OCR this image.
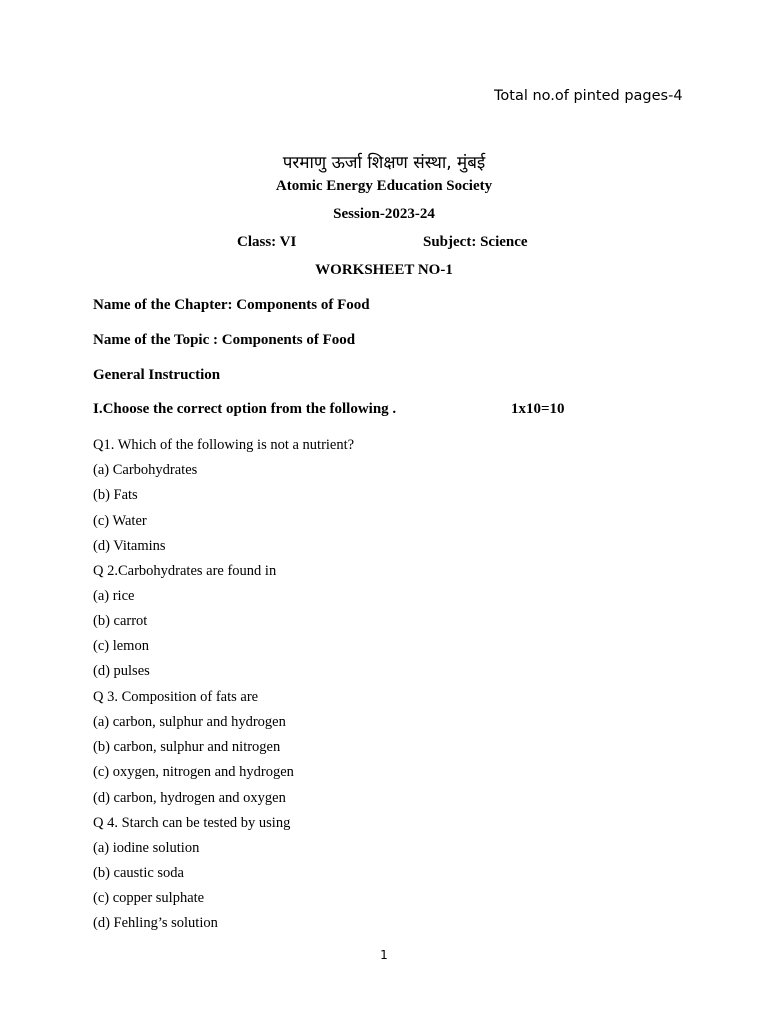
Total no.of pinted pages-4
परमाणु ऊर्जा शिक्षण संस्था, मुंबई
Atomic Energy Education Society
Session-2023-24
Class: VI	Subject: Science
WORKSHEET NO-1
Name of the Chapter: Components of Food
Name of the Topic : Components of Food
General Instruction
I.Choose the correct option from the following .	1x10=10
Q1. Which of the following is not a nutrient?
(a) Carbohydrates
(b) Fats
(c) Water
(d) Vitamins
Q 2.Carbohydrates are found in
(a) rice
(b) carrot
(c) lemon
(d) pulses
Q 3. Composition of fats are
(a) carbon, sulphur and hydrogen
(b) carbon, sulphur and nitrogen
(c) oxygen, nitrogen and hydrogen
(d) carbon, hydrogen and oxygen
Q 4. Starch can be tested by using
(a) iodine solution
(b) caustic soda
(c) copper sulphate
(d) Fehling’s solution
1
